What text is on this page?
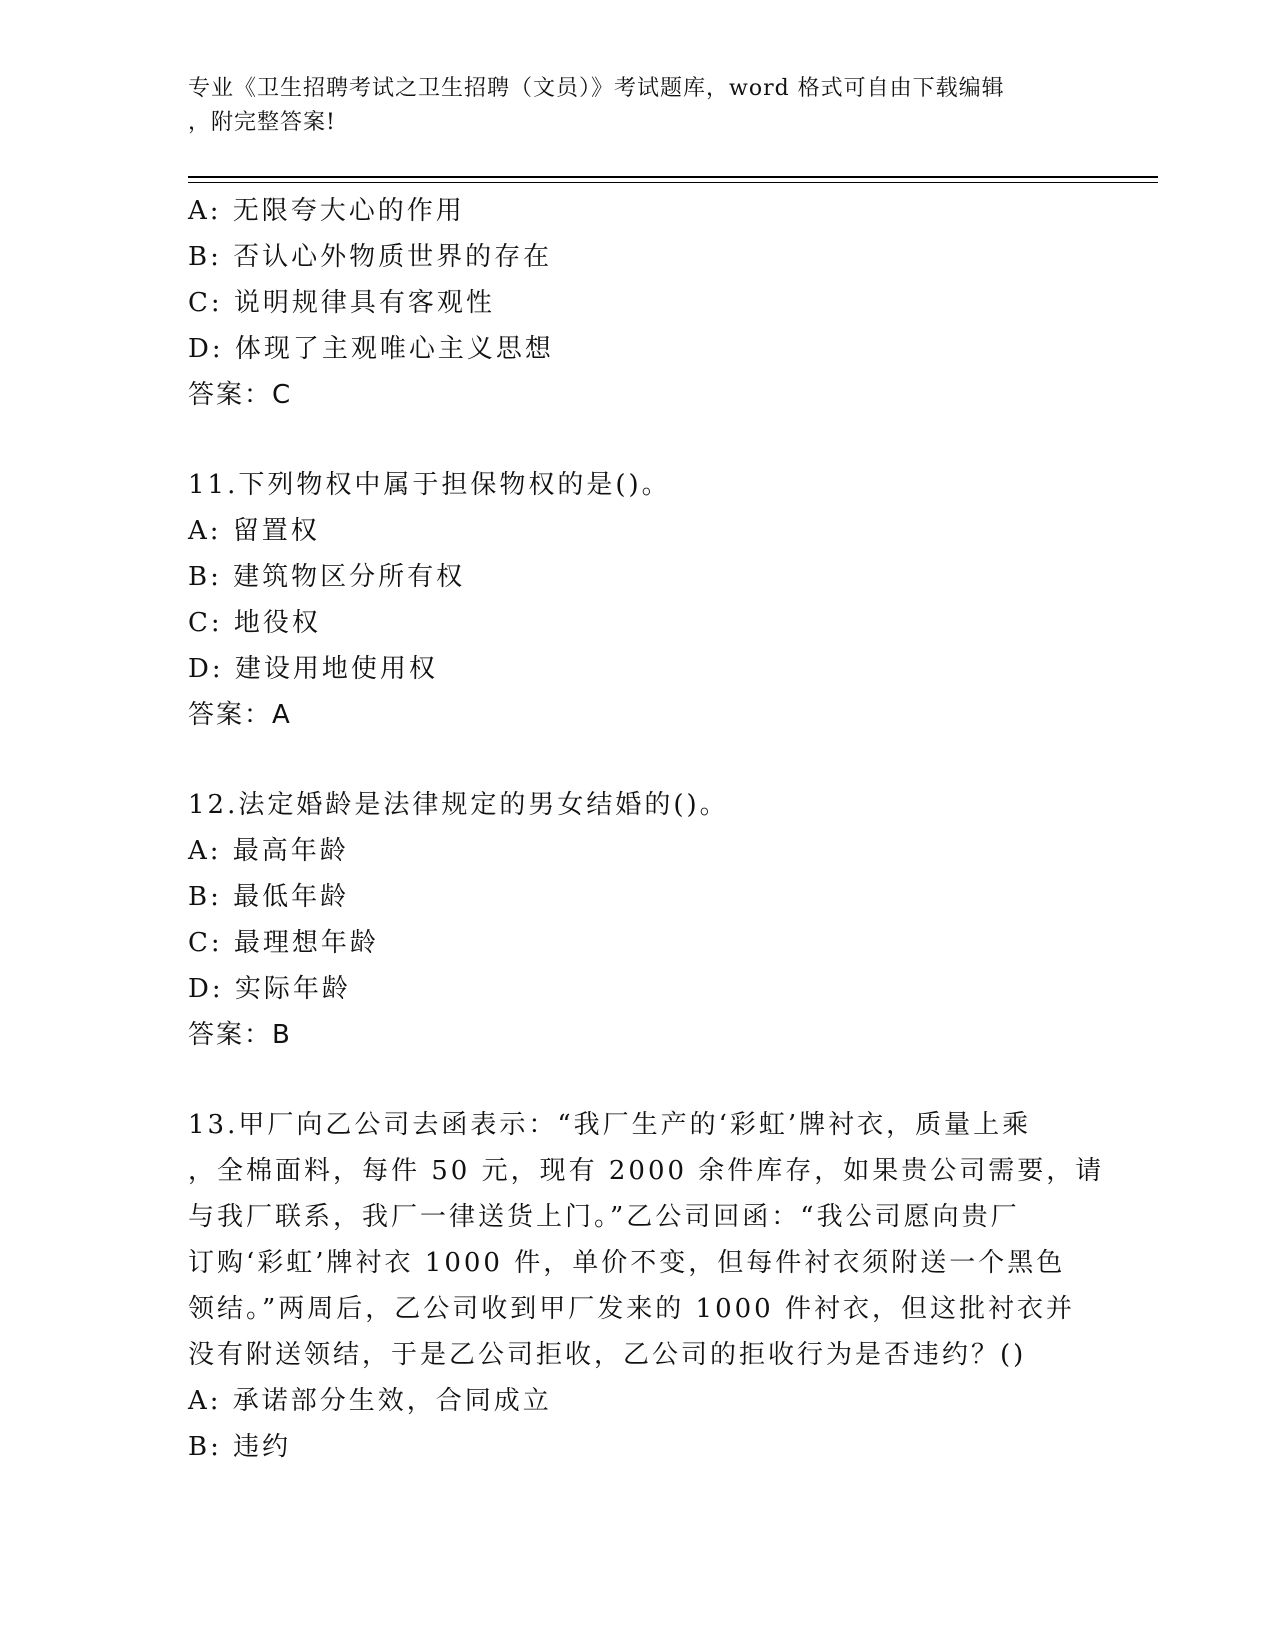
专业《卫生招聘考试之卫生招聘（文员）》考试题库，word 格式可自由下载编辑
，附完整答案!
A: 无限夸大心的作用
B: 否认心外物质世界的存在
C: 说明规律具有客观性
D: 体现了主观唯心主义思想
答案：C
11.下列物权中属于担保物权的是()。
A: 留置权
B: 建筑物区分所有权
C: 地役权
D: 建设用地使用权
答案：A
12.法定婚龄是法律规定的男女结婚的()。
A: 最高年龄
B: 最低年龄
C: 最理想年龄
D: 实际年龄
答案：B
13.甲厂向乙公司去函表示：“我厂生产的‘彩虹’牌衬衣，质量上乘
，全棉面料，每件 50 元，现有 2000 余件库存，如果贵公司需要，请
与我厂联系，我厂一律送货上门。”乙公司回函：“我公司愿向贵厂
订购‘彩虹’牌衬衣 1000 件，单价不变，但每件衬衣须附送一个黑色
领结。”两周后，乙公司收到甲厂发来的 1000 件衬衣，但这批衬衣并
没有附送领结，于是乙公司拒收，乙公司的拒收行为是否违约？()
A: 承诺部分生效，合同成立
B: 违约
